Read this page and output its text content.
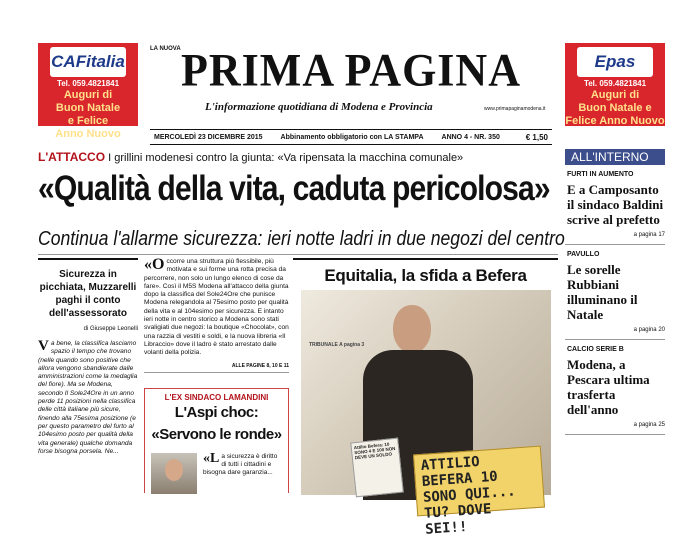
CAFitalia
Tel. 059.4821841
Auguri di
Buon Natale
e Felice
Anno Nuovo
Epas
Tel. 059.4821841
Auguri di
Buon Natale e
Felice Anno Nuovo
LA NUOVA PRIMA PAGINA
L'informazione quotidiana di Modena e Provincia	www.primapaginamodena.it
MERCOLEDÌ 23 DICEMBRE 2015	Abbinamento obbligatorio con LA STAMPA	ANNO 4 - NR. 350	€ 1,50
L'ATTACCO I grillini modenesi contro la giunta: «Va ripensata la macchina comunale»
«Qualità della vita, caduta pericolosa»
Continua l'allarme sicurezza: ieri notte ladri in due negozi del centro
Sicurezza in picchiata, Muzzarelli paghi il conto dell'assessorato
di Giuseppe Leonelli
Va bene, la classifica lasciamo spazio il tempo che trovano (nelle quando sono positive che allora vengono sbandierate dalle amministrazioni come la medaglia del fiore). Ma se Modena, secondo Il Sole24Ore in un anno perde 11 posizioni nella classifica delle città italiane più sicure, finendo alla 75esima posizione (e per questo parametro del furto al 104esimo posto per qualità della vita generale) qualche domanda forse bisogna porsela. Ne...
«Occorre una struttura più flessibile, più motivata e sui forme una rotta precisa da percorrere, non solo un lungo elenco di cose da fare». Così il M5S Modena all'attacco della giunta dopo la classifica del Sole24Ore che punisce Modena relegandola al 75esimo posto per qualità della vita e al 104esimo per sicurezza. E intanto ieri notte in centro storico a Modena sono stati svaligiati due negozi: la boutique «Chocolat», con una razzia di vestiti e soldi, e la nuova libreria «Il Libraccio» dove il ladro è stato arrestato dalle volanti della polizia.
ALLE PAGINE 8, 10 E 11
L'EX SINDACO LAMANDINI
L'Aspi choc:
«Servono le ronde»
«La sicurezza è diritto di tutti i cittadini e bisogna dare garanzia...
Equitalia, la sfida a Befera
TRIBUNALE A pagina 3
Attilio Befera: 10 SONO 4 E 100 NON DEVE UN SOLDO	ATTILIO BEFERA 10 SONO QUI... TU? DOVE SEI!!
ALL'INTERNO
FURTI IN AUMENTO
E a Camposanto il sindaco Baldini scrive al prefetto
a pagina 17
PAVULLO
Le sorelle Rubbiani illuminano il Natale
a pagina 20
CALCIO SERIE B
Modena, a Pescara ultima trasferta dell'anno
a pagina 25
